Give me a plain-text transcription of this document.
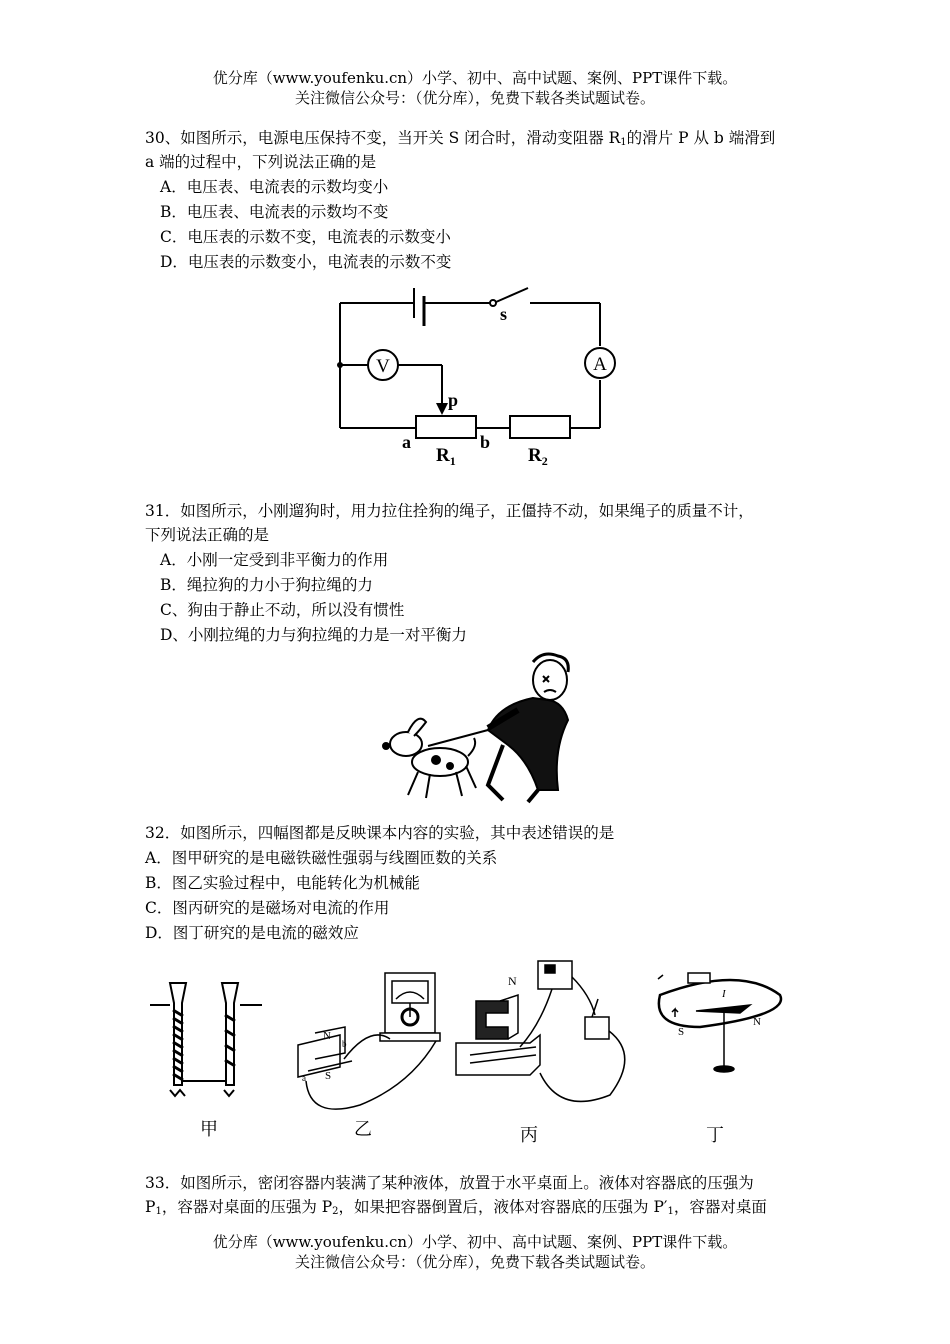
优分库（www.youfenku.cn）小学、初中、高中试题、案例、PPT课件下载。
关注微信公众号：（优分库），免费下载各类试题试卷。
30、如图所示，电源电压保持不变，当开关 S 闭合时，滑动变阻器 $R_1$的滑片 P 从 b 端滑到
a 端的过程中，下列说法正确的是
A．电压表、电流表的示数均变小
B．电压表、电流表的示数均不变
C．电压表的示数不变，电流表的示数变小
D．电压表的示数变小，电流表的示数不变
V	A
s
p
a	b
$R_1$	$R_2$
31．如图所示，小刚遛狗时，用力拉住拴狗的绳子，正僵持不动，如果绳子的质量不计，
下列说法正确的是
A．小刚一定受到非平衡力的作用
B．绳拉狗的力小于狗拉绳的力
C、狗由于静止不动，所以没有惯性
D、小刚拉绳的力与狗拉绳的力是一对平衡力
32．如图所示，四幅图都是反映课本内容的实验，其中表述错误的是
A．图甲研究的是电磁铁磁性强弱与线圈匝数的关系
B．图乙实验过程中，电能转化为机械能
C．图丙研究的是磁场对电流的作用
D．图丁研究的是电流的磁效应
N
S
a
b
N
S
N
I
甲	乙	丙	丁
33．如图所示，密闭容器内装满了某种液体，放置于水平桌面上。液体对容器底的压强为
$P_1$，容器对桌面的压强为 $P_2$，如果把容器倒置后，液体对容器底的压强为 $P'_1$，容器对桌面
优分库（www.youfenku.cn）小学、初中、高中试题、案例、PPT课件下载。
关注微信公众号：（优分库），免费下载各类试题试卷。
